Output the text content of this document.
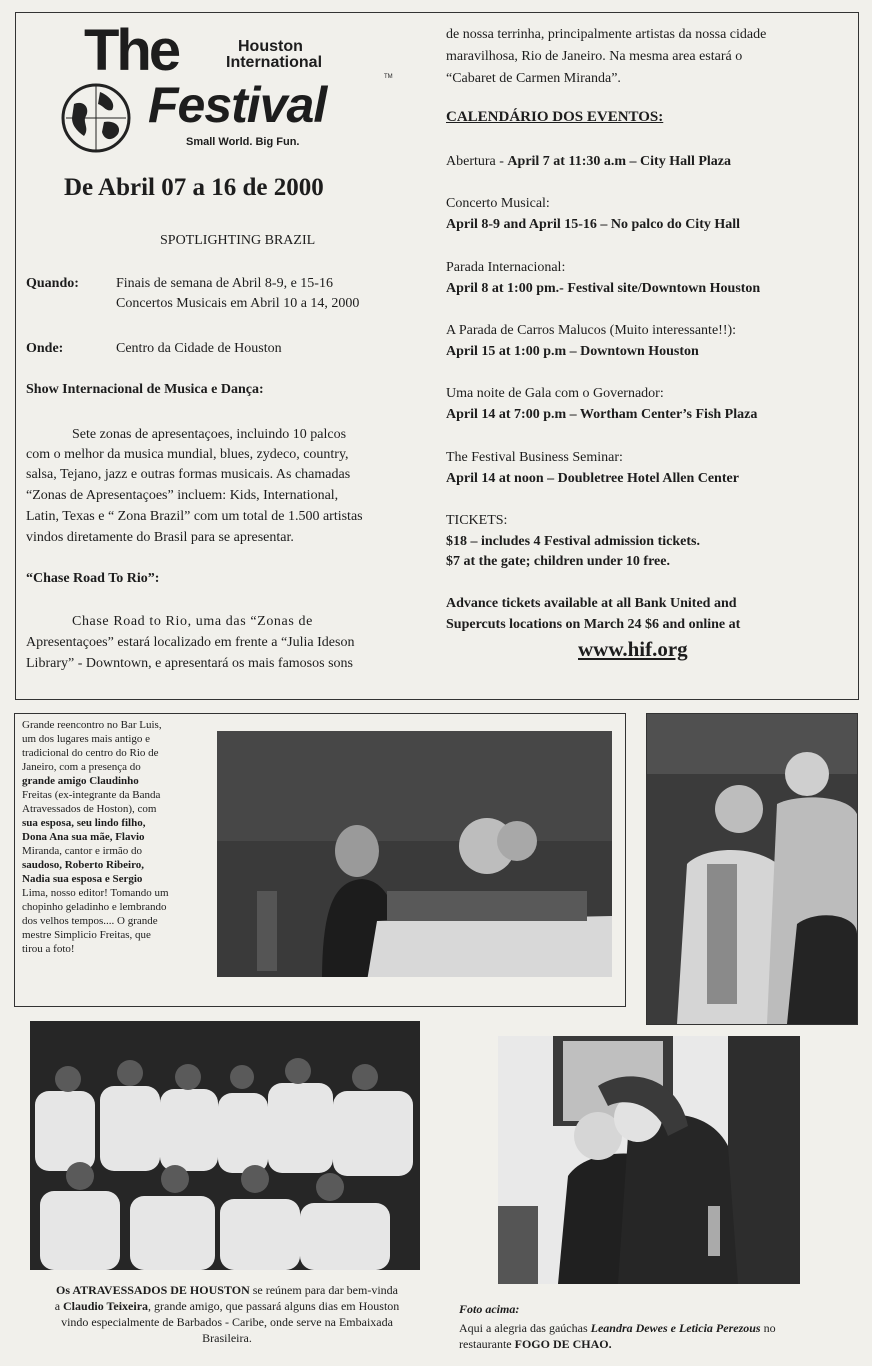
The	Houston
International
TM
Festival
Small World. Big Fun.
De Abril 07 a 16 de 2000
SPOTLIGHTING BRAZIL
Quando:	Finais de semana de Abril 8-9, e 15-16
Concertos Musicais em Abril 10 a 14, 2000
Onde:	Centro da Cidade de Houston
Show Internacional de Musica e Dança:
Sete zonas de apresentaçoes, incluindo 10 palcos
com o melhor da musica mundial, blues, zydeco, country,
salsa, Tejano, jazz e outras formas musicais. As chamadas
“Zonas de Apresentaçoes” incluem: Kids, International,
Latin, Texas e “ Zona Brazil” com um total de 1.500 artistas
vindos diretamente do Brasil para se apresentar.
“Chase Road To Rio”:
Chase Road to Rio, uma das “Zonas de
Apresentaçoes” estará localizado em frente a “Julia Ideson
Library” - Downtown, e apresentará os mais famosos sons
de nossa terrinha, principalmente artistas da nossa cidade
maravilhosa, Rio de Janeiro. Na mesma area estará o
“Cabaret de Carmen Miranda”.
CALENDÁRIO DOS EVENTOS:
Abertura - April 7 at 11:30 a.m – City Hall Plaza
Concerto Musical:
April 8-9 and April 15-16 – No palco do City Hall
Parada Internacional:
April 8 at 1:00 pm.- Festival site/Downtown Houston
A Parada de Carros Malucos (Muito interessante!!):
April 15 at 1:00 p.m – Downtown Houston
Uma noite de Gala com o Governador:
April 14 at 7:00 p.m – Wortham Center’s Fish Plaza
The Festival Business Seminar:
April 14 at noon – Doubletree Hotel Allen Center
TICKETS:
$18 – includes 4 Festival admission tickets.
$7 at the gate; children under 10 free.
Advance tickets available at all Bank United and
Supercuts locations on March 24 $6 and online at
www.hif.org
Grande reencontro no Bar Luis,
um dos lugares mais antigo e
tradicional do centro do Rio de
Janeiro, com a presença do
grande amigo Claudinho
Freitas (ex-integrante da Banda
Atravessados de Hoston), com
sua esposa, seu lindo filho,
Dona Ana sua mãe, Flavio
Miranda, cantor e irmão do
saudoso, Roberto Ribeiro,
Nadia sua esposa e Sergio
Lima, nosso editor! Tomando um
chopinho geladinho e lembrando
dos velhos tempos.... O grande
mestre Simplicio Freitas, que
tirou a foto!
Os ATRAVESSADOS DE HOUSTON se reúnem para dar bem-vinda
a Claudio Teixeira, grande amigo, que passará alguns dias em Houston
vindo especialmente de Barbados - Caribe, onde serve na Embaixada
Brasileira.
Foto acima:
Aqui a alegria das gaúchas Leandra Dewes e Leticia Perezous no
restaurante FOGO DE CHAO.
